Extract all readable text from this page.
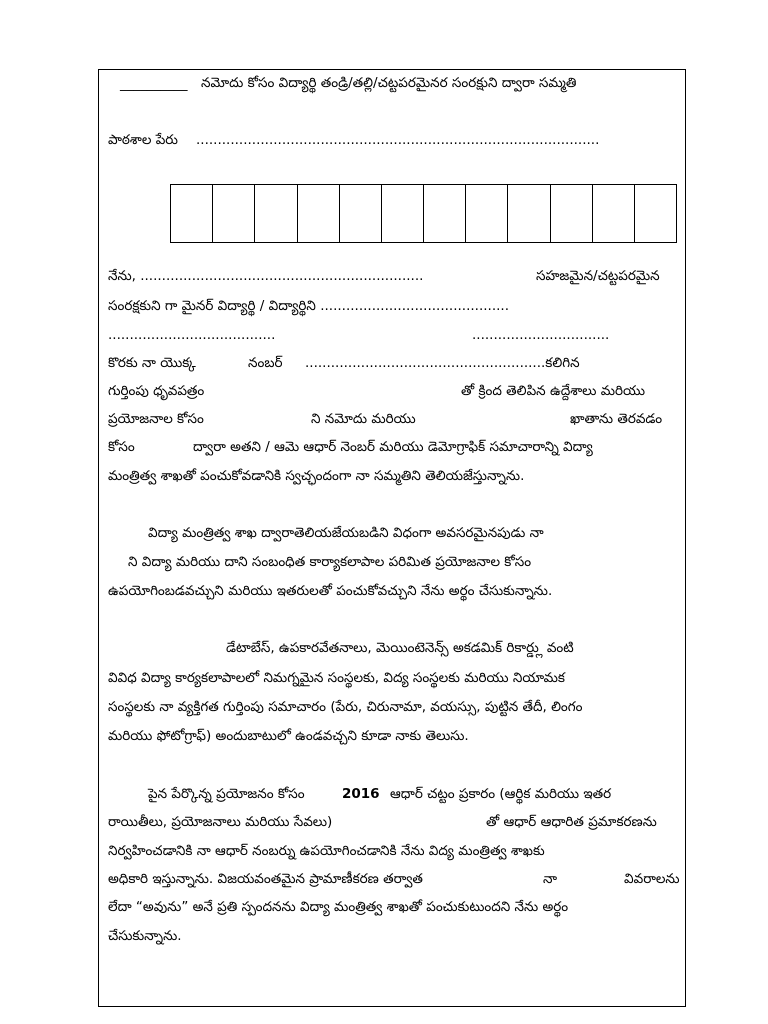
__________ నమోదు కోసం విద్యార్థి తండ్రి/తల్లి/చట్టపరమైనర సంరక్షుని ద్వారా సమ్మతి
పాఠశాల పేరు ..............................................................................................
నేను, ..................................................................	సహజమైన/చట్టపరమైన
సంరక్షకుని గా మైనర్ విద్యార్థి / విద్యార్థిని ............................................
.......................................	................................
కొరకు నా యొక్క	నంబర్ ........................................................కలిగిన
గుర్తింపు ధృవపత్రం	తో క్రింద తెలిపిన ఉద్దేశాలు మరియు
ప్రయోజనాల కోసం	ని నమోదు మరియు	ఖాతాను తెరవడం
కోసం	ద్వారా అతని / ఆమె ఆధార్ నెంబర్ మరియు డెమోగ్రాఫిక్ సమాచారాన్ని విద్యా
మంత్రిత్వ శాఖతో పంచుకోవడానికి స్వచ్ఛందంగా నా సమ్మతిని తెలియజేస్తున్నాను.
విద్యా మంత్రిత్వ శాఖ ద్వారాతెలియజేయబడిని విధంగా అవసరమైనపుడు నా
ని విద్యా మరియు దాని సంబంధిత కార్యాకలాపాల పరిమిత ప్రయోజనాల కోసం
ఉపయోగింబడవచ్చుని మరియు ఇతరులతో పంచుకోవచ్చుని నేను అర్థం చేసుకున్నాను.
డేటాబేస్, ఉపకారవేతనాలు, మెయింటెనెన్స్ అకడమిక్ రికార్డ్లు వంటి
వివిధ విద్యా కార్యకలాపాలలో నిమగ్నమైన సంస్థలకు, విద్య సంస్థలకు మరియు నియామక
సంస్థలకు నా వ్యక్తిగత గుర్తింపు సమాచారం (పేరు, చిరునామా, వయస్సు, పుట్టిన తేదీ, లింగం
మరియు ఫోటోగ్రాఫ్) అందుబాటులో ఉండవచ్చని కూడా నాకు తెలుసు.
పైన పేర్కొన్న ప్రయోజనం కోసం	2016 ఆధార్ చట్టం ప్రకారం (ఆర్థిక మరియు ఇతర
రాయితీలు, ప్రయోజనాలు మరియు సేవలు)	తో ఆధార్ ఆధారిత ప్రమాకరణను
నిర్వహించడానికి నా ఆధార్ నంబర్ను ఉపయోగించడానికి నేను విద్య మంత్రిత్వ శాఖకు
అధికారి ఇస్తున్నాను. విజయవంతమైన ప్రామాణీకరణ తర్వాత	నా	వివరాలను
లేదా “అవును” అనే ప్రతి స్పందనను విద్యా మంత్రిత్వ శాఖతో పంచుకుటుందని నేను అర్థం
చేసుకున్నాను.
